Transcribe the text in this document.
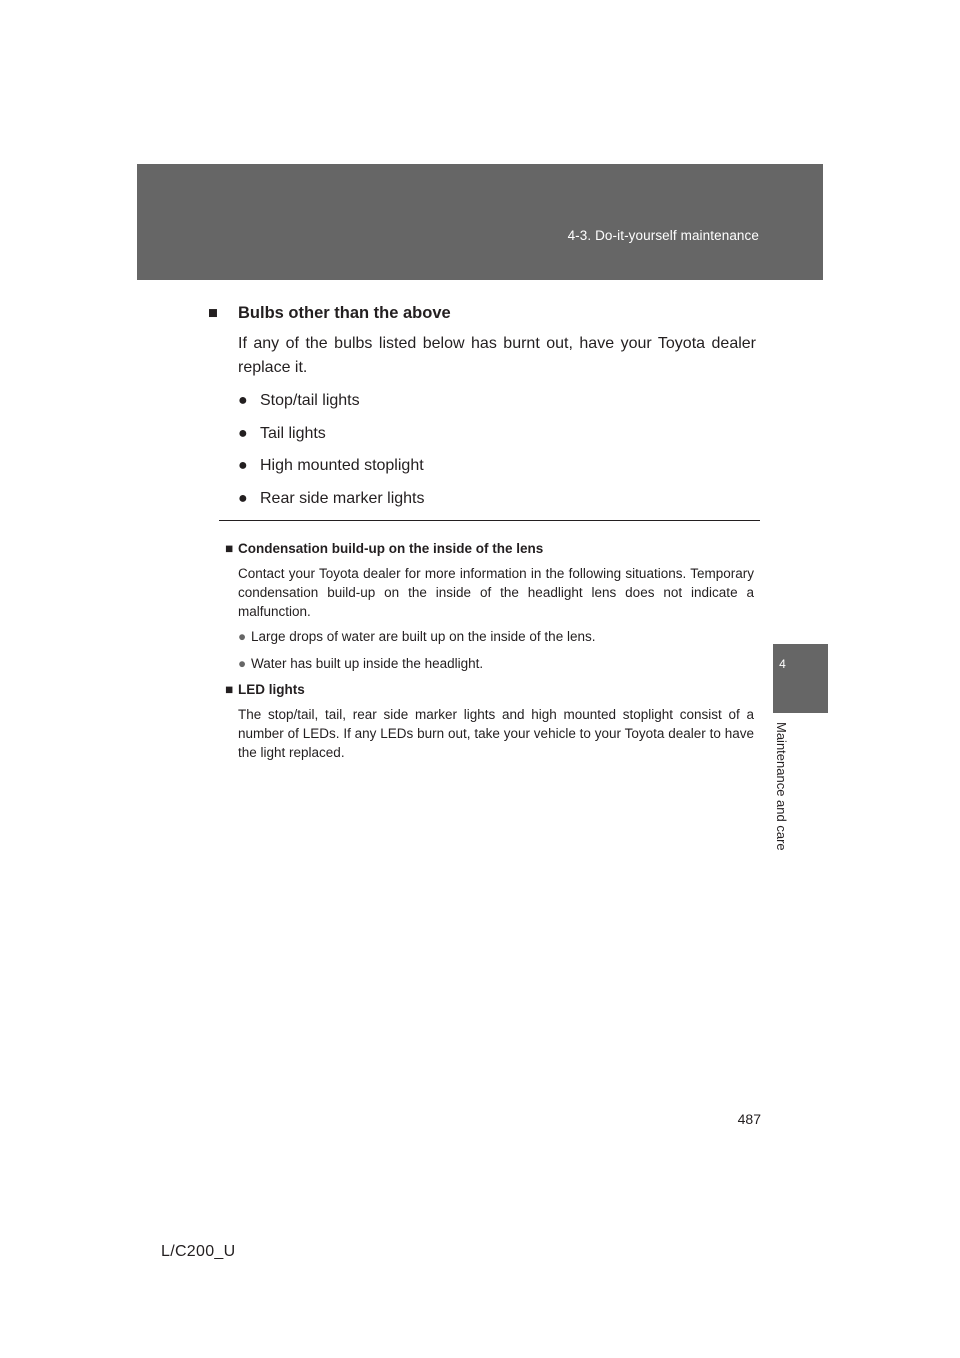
4-3. Do-it-yourself maintenance
4
Maintenance and care
■ Bulbs other than the above

If any of the bulbs listed below has burnt out, have your Toyota dealer replace it.

● Stop/tail lights
● Tail lights
● High mounted stoplight
● Rear side marker lights
■ Condensation build-up on the inside of the lens

Contact your Toyota dealer for more information in the following situations. Temporary condensation build-up on the inside of the headlight lens does not indicate a malfunction.

● Large drops of water are built up on the inside of the lens.
● Water has built up inside the headlight.
■ LED lights

The stop/tail, tail, rear side marker lights and high mounted stoplight consist of a number of LEDs. If any LEDs burn out, take your vehicle to your Toyota dealer to have the light replaced.

487
L/C200_U
